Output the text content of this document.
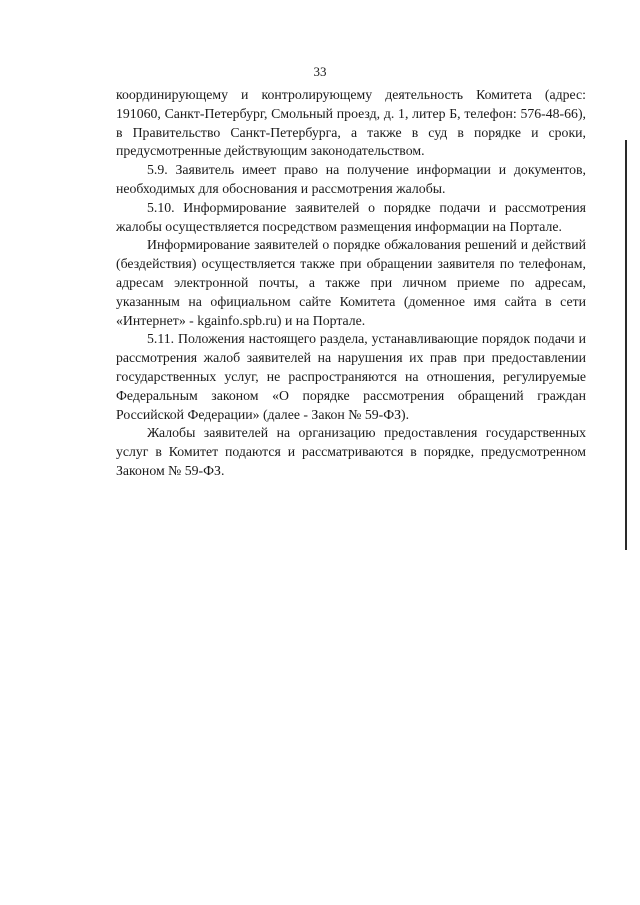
33

координирующему и контролирующему деятельность Комитета (адрес: 191060, Санкт-Петербург, Смольный проезд, д. 1, литер Б, телефон: 576-48-66), в Правительство Санкт-Петербурга, а также в суд в порядке и сроки, предусмотренные действующим законодательством.

5.9. Заявитель имеет право на получение информации и документов, необходимых для обоснования и рассмотрения жалобы.

5.10. Информирование заявителей о порядке подачи и рассмотрения жалобы осуществляется посредством размещения информации на Портале.

Информирование заявителей о порядке обжалования решений и действий (бездействия) осуществляется также при обращении заявителя по телефонам, адресам электронной почты, а также при личном приеме по адресам, указанным на официальном сайте Комитета (доменное имя сайта в сети «Интернет» - kgainfo.spb.ru) и на Портале.

5.11. Положения настоящего раздела, устанавливающие порядок подачи и рассмотрения жалоб заявителей на нарушения их прав при предоставлении государственных услуг, не распространяются на отношения, регулируемые Федеральным законом «О порядке рассмотрения обращений граждан Российской Федерации» (далее - Закон № 59-ФЗ).

Жалобы заявителей на организацию предоставления государственных услуг в Комитет подаются и рассматриваются в порядке, предусмотренном Законом № 59-ФЗ.
